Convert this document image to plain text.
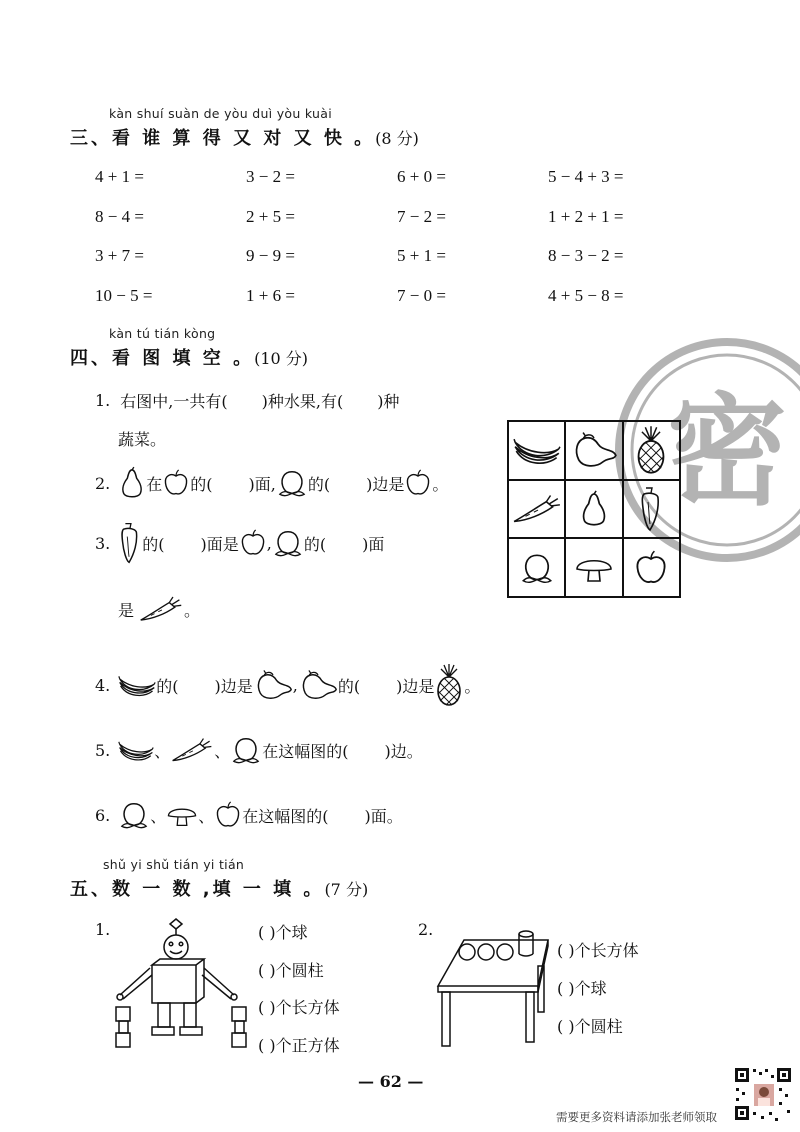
kàn shuí suàn de yòu duì yòu kuài
三、看 谁 算 得 又 对 又 快 。(8 分)
4 + 1 =	3 − 2 =	6 + 0 =	5 − 4 + 3 =
8 − 4 =	2 + 5 =	7 − 2 =	1 + 2 + 1 =
3 + 7 =	9 − 9 =	5 + 1 =	8 − 3 − 2 =
10 − 5 =	1 + 6 =	7 − 0 =	4 + 5 − 8 =
kàn tú tián kòng
四、看 图 填 空 。(10 分)
密
1. 右图中,一共有( )种水果,有( )种
蔬菜。
2. 在 的( )面, 的( )边是 。
3. 的( )面是 , 的( )面
是	。
4.	的( )边是	,	的( )边是 。
5.	、	、 在这幅图的( )边。
6.	、 、 在这幅图的( )面。
shǔ yi shǔ tián yi tián
五、数 一 数 ,填 一 填 。(7 分)
1.	( )个球
( )个圆柱
( )个长方体
( )个正方体
2.
( )个长方体
( )个球
( )个圆柱
— 62 —
需要更多资料请添加张老师领取
